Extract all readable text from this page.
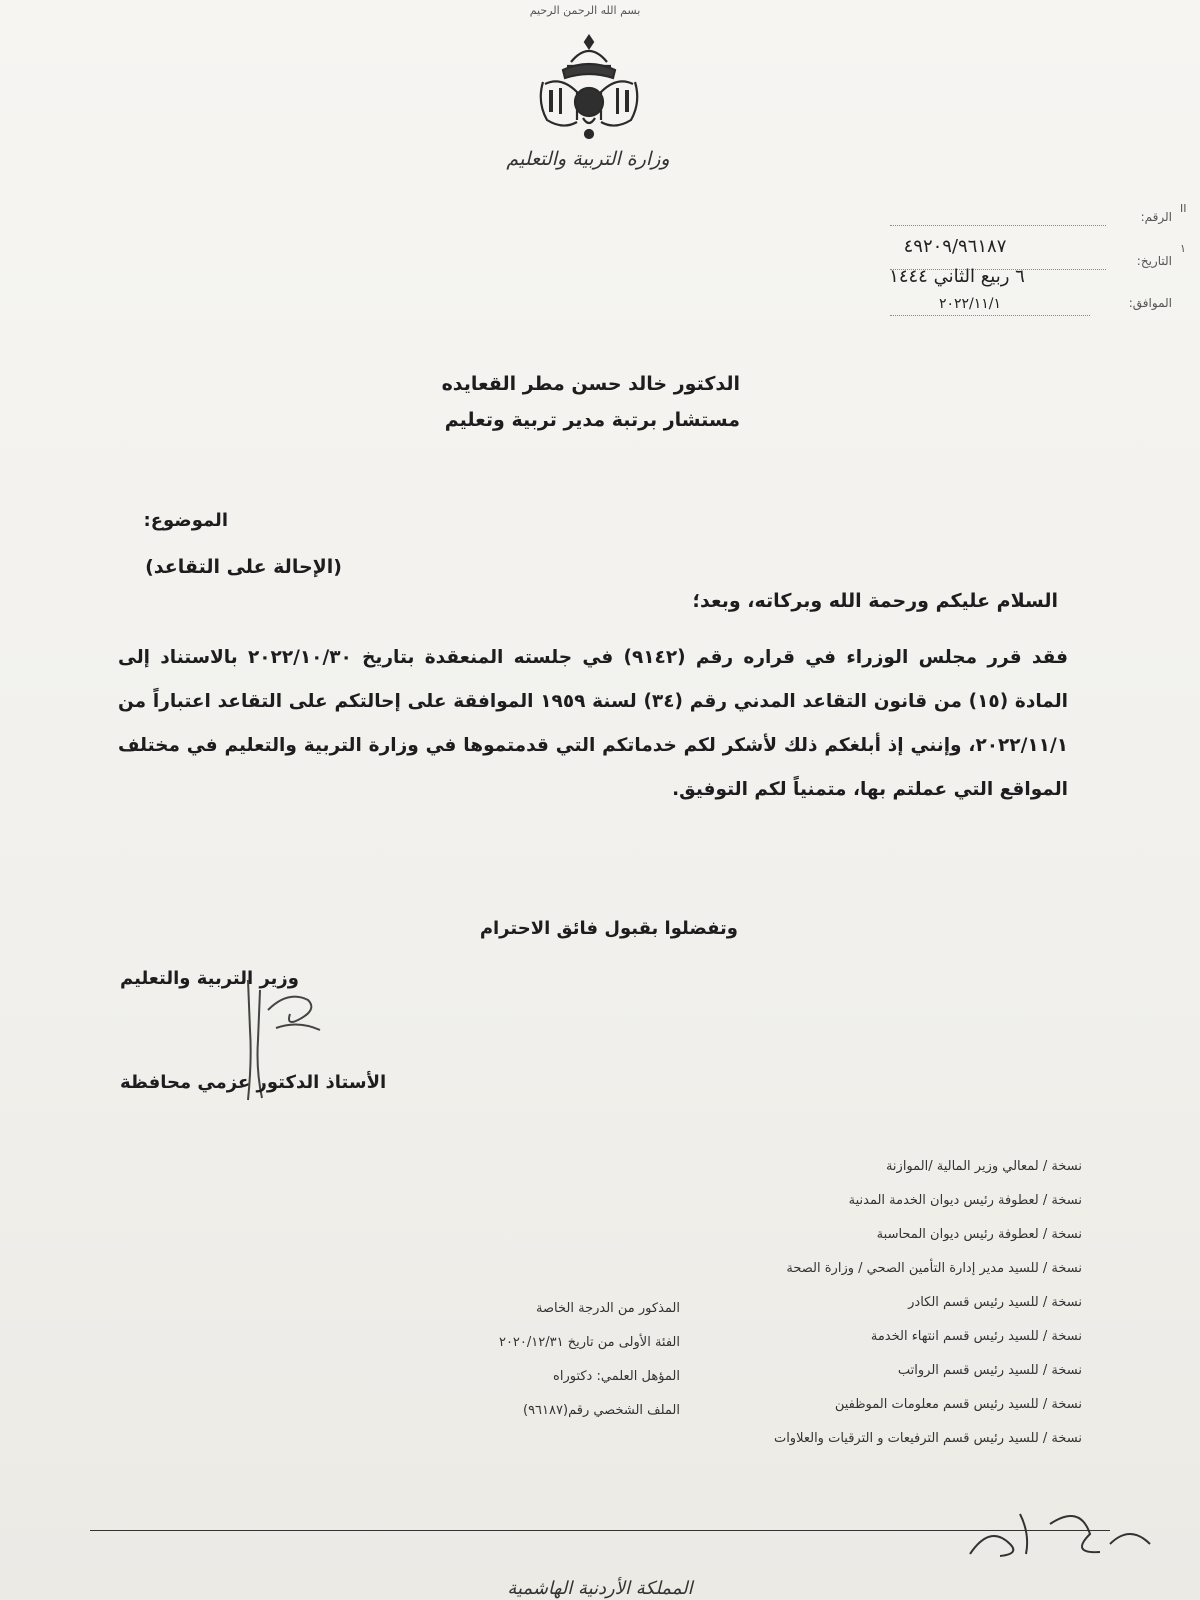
بسم الله الرحمن الرحيم
وزارة التربية والتعليم
II
١
الرقم:
٤٩٢٠٩/٩٦١٨٧
التاريخ:
٦ ربيع الثاني ١٤٤٤
الموافق:
٢٠٢٢/١١/١
الدكتور خالد حسن مطر القعايده
مستشار برتبة مدير تربية وتعليم
الموضوع:
(الإحالة على التقاعد)
السلام عليكم ورحمة الله وبركاته، وبعد؛
فقد قرر مجلس الوزراء في قراره رقم (٩١٤٢) في جلسته المنعقدة بتاريخ ٢٠٢٢/١٠/٣٠ بالاستناد إلى المادة (١٥) من قانون التقاعد المدني رقم (٣٤) لسنة ١٩٥٩ الموافقة على إحالتكم على التقاعد اعتباراً من ٢٠٢٢/١١/١، وإنني إذ أبلغكم ذلك لأشكر لكم خدماتكم التي قدمتموها في وزارة التربية والتعليم في مختلف المواقع التي عملتم بها، متمنياً لكم التوفيق.
وتفضلوا بقبول فائق الاحترام
وزير التربية والتعليم
الأستاذ الدكتور عزمي محافظة
نسخة / لمعالي وزير المالية /الموازنة
نسخة / لعطوفة رئيس ديوان الخدمة المدنية
نسخة / لعطوفة رئيس ديوان المحاسبة
نسخة / للسيد مدير إدارة التأمين الصحي / وزارة الصحة
نسخة / للسيد رئيس قسم الكادر
نسخة / للسيد رئيس قسم انتهاء الخدمة
نسخة / للسيد رئيس قسم الرواتب
نسخة / للسيد رئيس قسم معلومات الموظفين
نسخة / للسيد رئيس قسم الترفيعات و الترقيات والعلاوات
المذكور من الدرجة الخاصة
الفئة الأولى من تاريخ ٢٠٢٠/١٢/٣١
المؤهل العلمي: دكتوراه
الملف الشخصي رقم(٩٦١٨٧)
المملكة الأردنية الهاشمية
